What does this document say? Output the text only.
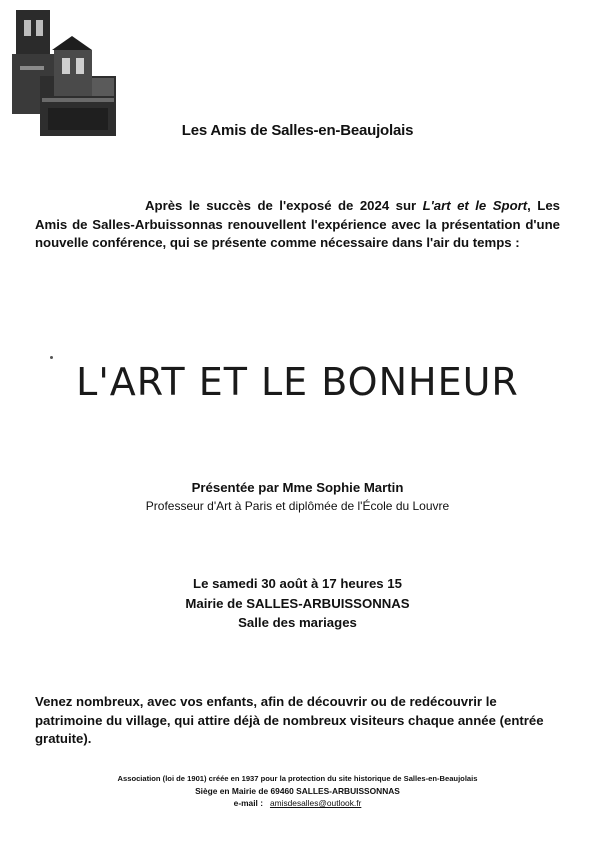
Les Amis de Salles-en-Beaujolais
Après le succès de l'exposé de 2024 sur L'art et le Sport, Les Amis de Salles-Arbuissonnas renouvellent l'expérience avec la présentation d'une nouvelle conférence, qui se présente comme nécessaire dans l'air du temps :
L'ART ET LE BONHEUR
Présentée par Mme Sophie Martin
Professeur d'Art à Paris et diplômée de l'École du Louvre
Le samedi 30 août à 17 heures 15
Mairie de SALLES-ARBUISSONNAS
Salle des mariages
Venez nombreux, avec vos enfants, afin de découvrir ou de redécouvrir le patrimoine du village, qui attire déjà de nombreux visiteurs chaque année (entrée gratuite).
Association (loi de 1901) créée en 1937 pour la protection du site historique de Salles-en-Beaujolais
Siège en Mairie de 69460 SALLES-ARBUISSONNAS
e-mail : amisdesalles@outlook.fr
